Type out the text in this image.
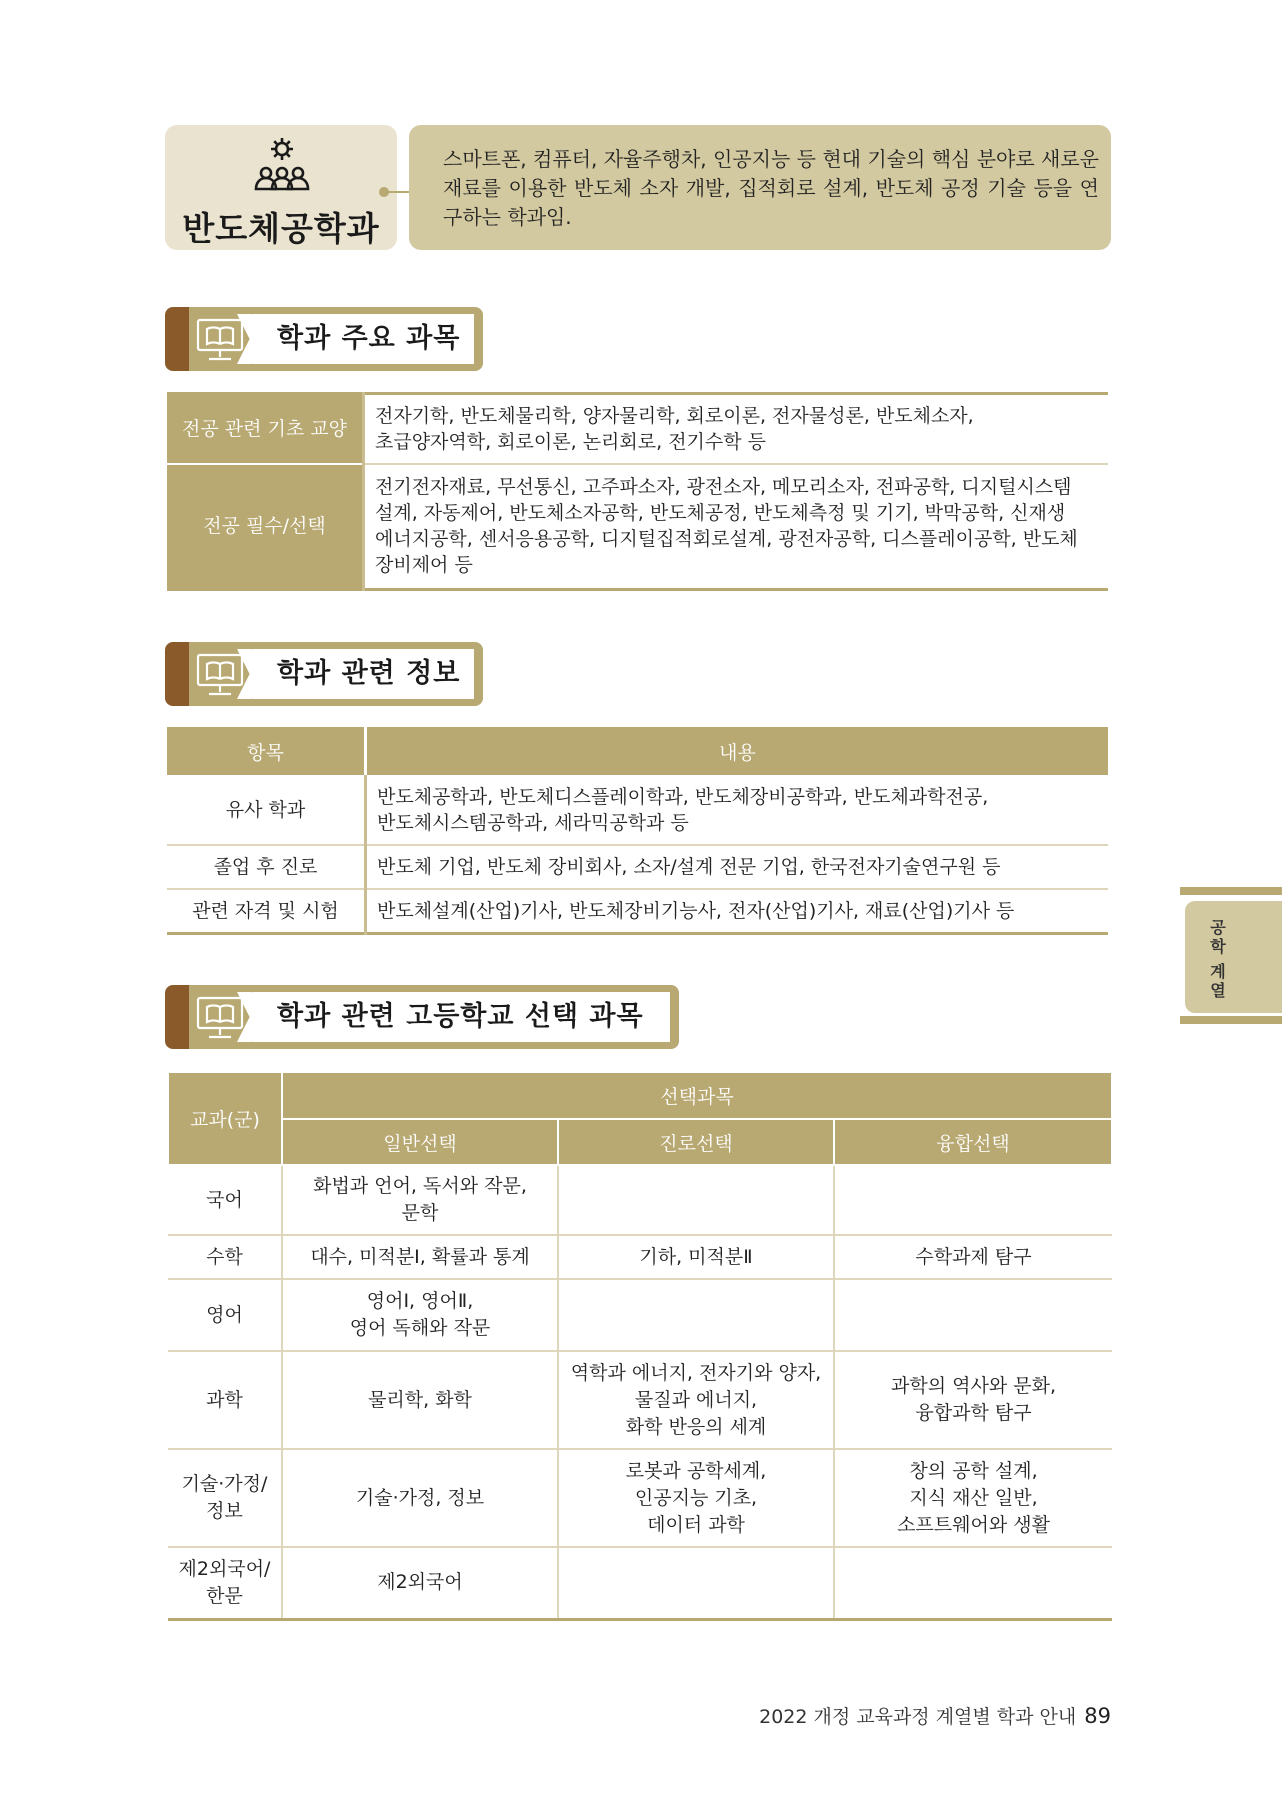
반도체공학과
스마트폰, 컴퓨터, 자율주행차, 인공지능 등 현대 기술의 핵심 분야로 새로운 재료를 이용한 반도체 소자 개발, 집적회로 설계, 반도체 공정 기술 등을 연구하는 학과임.
학과 주요 과목
전공 관련 기초 교양	전자기학, 반도체물리학, 양자물리학, 회로이론, 전자물성론, 반도체소자,
초급양자역학, 회로이론, 논리회로, 전기수학 등

전공 필수/선택	전기전자재료, 무선통신, 고주파소자, 광전소자, 메모리소자, 전파공학, 디지털시스템
설계, 자동제어, 반도체소자공학, 반도체공정, 반도체측정 및 기기, 박막공학, 신재생
에너지공학, 센서응용공학, 디지털집적회로설계, 광전자공학, 디스플레이공학, 반도체
장비제어 등
학과 관련 정보
항목	내용
유사 학과	반도체공학과, 반도체디스플레이학과, 반도체장비공학과, 반도체과학전공,
반도체시스템공학과, 세라믹공학과 등

졸업 후 진로	반도체 기업, 반도체 장비회사, 소자/설계 전문 기업, 한국전자기술연구원 등
관련 자격 및 시험	반도체설계(산업)기사, 반도체장비기능사, 전자(산업)기사, 재료(산업)기사 등
학과 관련 고등학교 선택 과목
교과(군)	선택과목		
	일반선택	진로선택	융합선택
국어	화법과 언어, 독서와 작문,
문학		
수학	대수, 미적분Ⅰ, 확률과 통계	기하, 미적분Ⅱ	수학과제 탐구
영어	영어Ⅰ, 영어Ⅱ,
영어 독해와 작문		
과학	물리학, 화학	역학과 에너지, 전자기와 양자,
물질과 에너지,
화학 반응의 세계	과학의 역사와 문화,
융합과학 탐구
기술·가정/
정보	기술·가정, 정보	로봇과 공학세계,
인공지능 기초,
데이터 과학	창의 공학 설계,
지식 재산 일반,
소프트웨어와 생활
제2외국어/
한문	제2외국어		
공
학
계
열
2022 개정 교육과정 계열별 학과 안내 89
